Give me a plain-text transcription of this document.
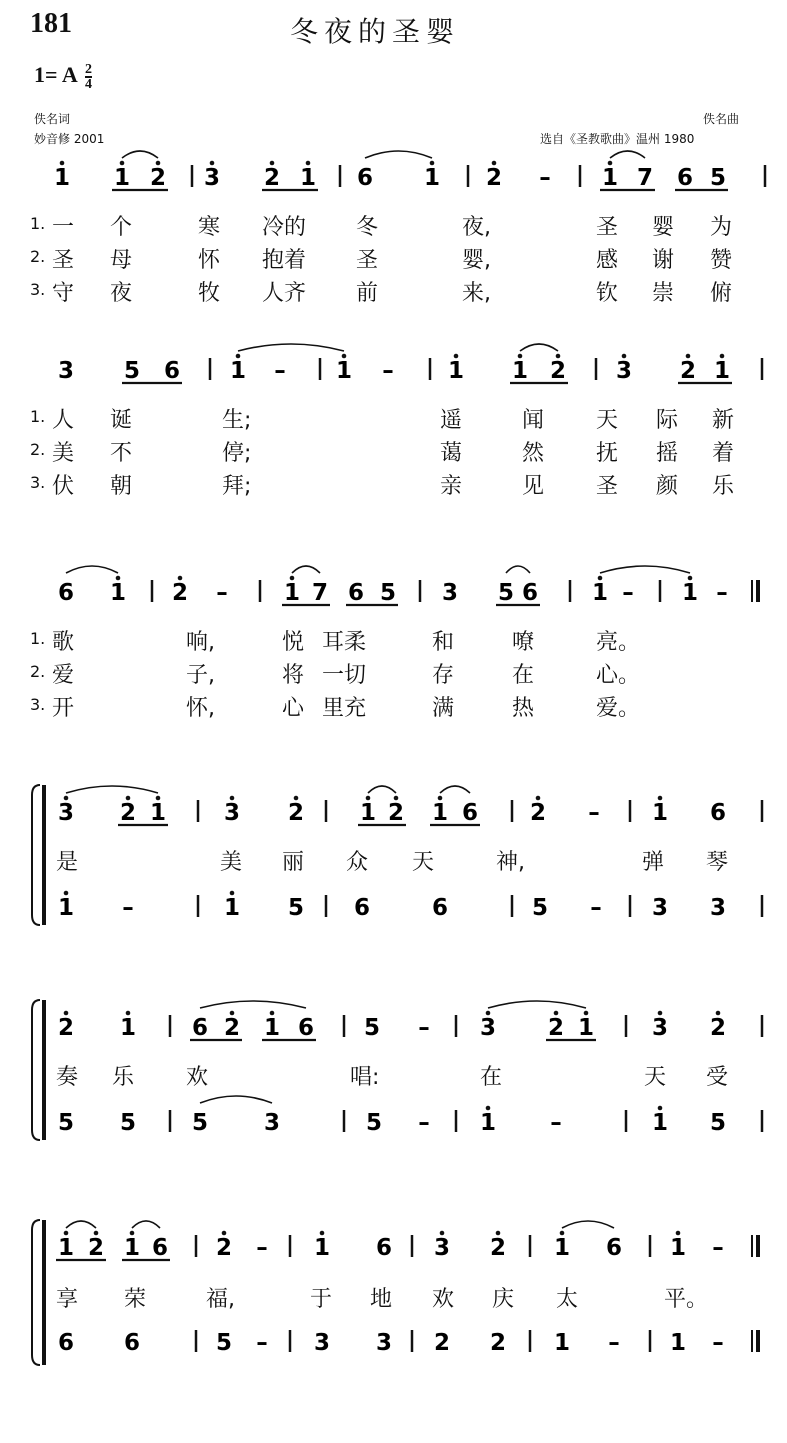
181	冬夜的圣婴
1= A $\frac{2}{4}$
佚名词
妙音修 2001
佚名曲
选自《圣教歌曲》温州 1980
1 1 2 3 2 1 6 1 2 – 1 7 6 5
3 5 6 1 – 1 – 1 1 2 3 2 1
6 1 2 – 1 7 6 5 3 5 6 1 – 1 –
3 2 1	3 2 1 2 1 6 2 – 1 6
1 –	1 5 6	6	5 – 3 3
2 1 6 2 1 6 5 – 3 2 1	3 2
5 5 5 3	5 – 1 –	1 5
1 2 1 6 2 – 1 6 3 2 1 6 1 –
6 6	5 – 3 3 2 2 1 – 1 –
1. 一 个	寒 冷的 冬	夜,	圣 婴 为
2. 圣 母	怀 抱着 圣	婴,	感 谢 赞
3. 守 夜	牧 人齐 前	来,	钦 崇 俯
1. 人 诞	生;	遥	闻 天 际 新
2. 美 不	停;	蔼	然 抚 摇 着
3. 伏 朝	拜;	亲	见 圣 颜 乐
1. 歌	响,	悦 耳柔	和	嘹	亮。
2. 爱	子,	将 一切	存	在	心。
3. 开	怀,	心 里充	满	热	爱。
是	美 丽 众 天	神,	弹 琴
奏 乐 欢	唱:	在	天 受
享 荣	福,	于 地 欢 庆 太	平。
